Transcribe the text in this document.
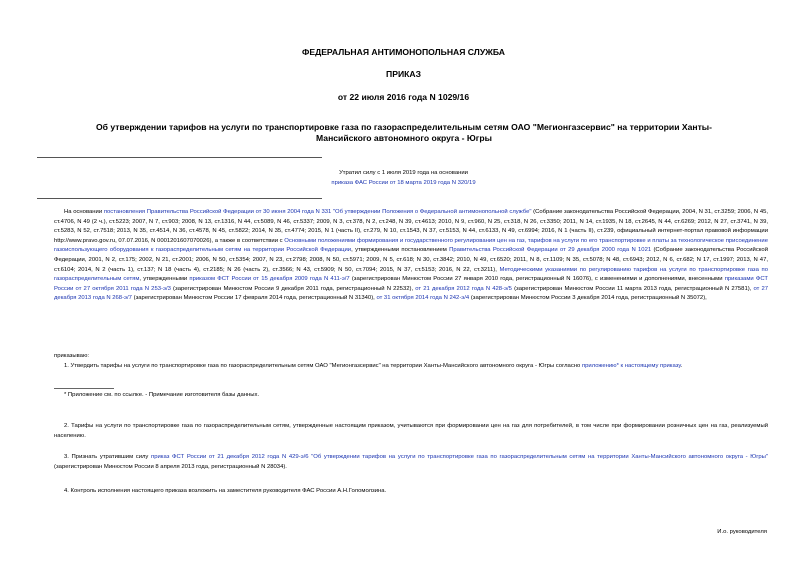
ФЕДЕРАЛЬНАЯ АНТИМОНОПОЛЬНАЯ СЛУЖБА
ПРИКАЗ
от 22 июля 2016 года N 1029/16
Об утверждении тарифов на услуги по транспортировке газа по газораспределительным сетям ОАО "Мегионгазсервис" на территории Ханты-Мансийского автономного округа - Югры
Утратил силу с 1 июля 2019 года на основании
приказа ФАС России от 18 марта 2019 года N 320/19
На основании постановления Правительства Российской Федерации от 30 июня 2004 года N 331 "Об утверждении Положения о Федеральной антимонопольной службе" (Собрание законодательства Российской Федерации, 2004, N 31, ст.3259; 2006, N 45, ст.4706, N 49 (2 ч.), ст.5223; 2007, N 7, ст.903; 2008, N 13, ст.1316, N 44, ст.5089, N 46, ст.5337; 2009, N 3, ст.378, N 2, ст.248, N 39, ст.4613; 2010, N 9, ст.960, N 25, ст.318, N 26, ст.3350; 2011, N 14, ст.1935, N 18, ст.2645, N 44, ст.6269; 2012, N 27, ст.3741, N 39, ст.5283, N 52, ст.7518; 2013, N 35, ст.4514, N 36, ст.4578, N 45, ст.5822; 2014, N 35, ст.4774; 2015, N 1 (часть II), ст.279, N 10, ст.1543, N 37, ст.5153, N 44, ст.6133, N 49, ст.6994; 2016, N 1 (часть II), ст.239, официальный интернет-портал правовой информации http://www.pravo.gov.ru, 07.07.2016, N 0001201607070026), а также в соответствии с Основными положениями формирования и государственного регулирования цен на газ, тарифов на услуги по его транспортировке и платы за технологическое присоединение газоиспользующего оборудования к газораспределительным сетям на территории Российской Федерации, утвержденными постановлением Правительства Российской Федерации от 29 декабря 2000 года N 1021 (Собрание законодательства Российской Федерации, 2001, N 2, ст.175; 2002, N 21, ст.2001; 2006, N 50, ст.5354; 2007, N 23, ст.2798; 2008, N 50, ст.5971; 2009, N 5, ст.618; N 30, ст.3842; 2010, N 49, ст.6520; 2011, N 8, ст.1109; N 35, ст.5078; N 48, ст.6943; 2012, N 6, ст.682; N 17, ст.1997; 2013, N 47, ст.6104; 2014, N 2 (часть 1), ст.137; N 18 (часть 4), ст.2185; N 26 (часть 2), ст.3566; N 43, ст.5909; N 50, ст.7094; 2015, N 37, ст.5153; 2016, N 22, ст.3211), Методическими указаниями по регулированию тарифов на услуги по транспортировке газа по газораспределительным сетям, утвержденными приказом ФСТ России от 15 декабря 2009 года N 411-э/7 (зарегистрирован Минюстом России 27 января 2010 года, регистрационный N 16076), с изменениями и дополнениями, внесенными приказами ФСТ России от 27 октября 2011 года N 253-э/3 (зарегистрирован Минюстом России 9 декабря 2011 года, регистрационный N 22532), от 21 декабря 2012 года N 428-э/5 (зарегистрирован Минюстом России 11 марта 2013 года, регистрационный N 27581), от 27 декабря 2013 года N 268-э/7 (зарегистрирован Минюстом России 17 февраля 2014 года, регистрационный N 31340), от 31 октября 2014 года N 242-э/4 (зарегистрирован Минюстом России 3 декабря 2014 года, регистрационный N 35072),
приказываю:
1. Утвердить тарифы на услуги по транспортировке газа по газораспределительным сетям ОАО "Мегионгазсервис" на территории Ханты-Мансийского автономного округа - Югры согласно приложению* к настоящему приказу.
* Приложение см. по ссылке. - Примечание изготовителя базы данных.
2. Тарифы на услуги по транспортировке газа по газораспределительным сетям, утвержденные настоящим приказом, учитываются при формировании цен на газ для потребителей, в том числе при формировании розничных цен на газ, реализуемый населению.
3. Признать утратившим силу приказ ФСТ России от 21 декабря 2012 года N 429-э/6 "Об утверждении тарифов на услуги по транспортировке газа по газораспределительным сетям на территории Ханты-Мансийского автономного округа - Югры" (зарегистрирован Минюстом России 8 апреля 2013 года, регистрационный N 28034).
4. Контроль исполнения настоящего приказа возложить на заместителя руководителя ФАС России А.Н.Голомолзина.
И.о. руководителя
